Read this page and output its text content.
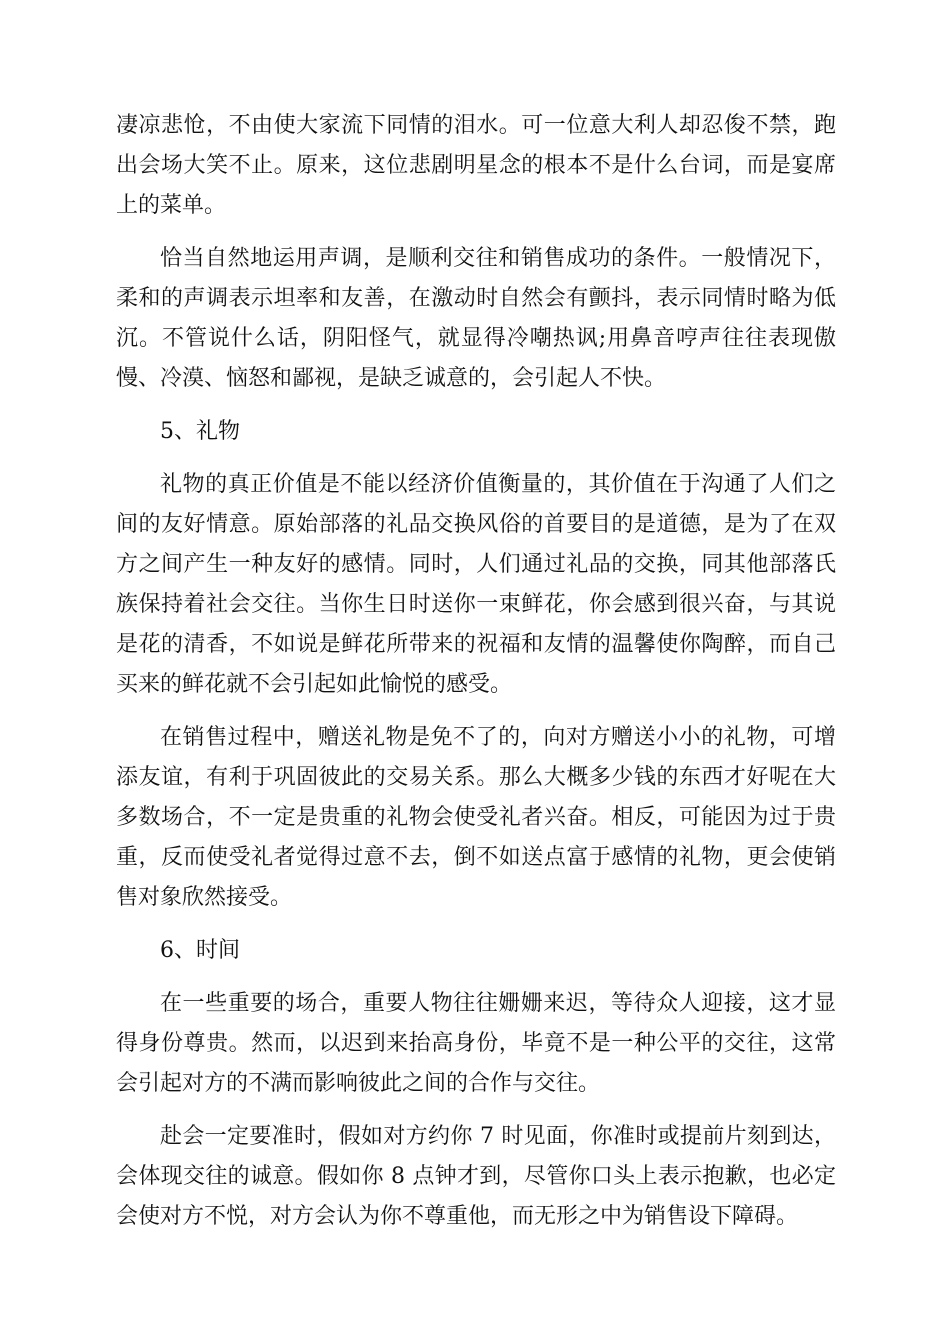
凄凉悲怆，不由使大家流下同情的泪水。可一位意大利人却忍俊不禁，跑出会场大笑不止。原来，这位悲剧明星念的根本不是什么台词，而是宴席上的菜单。

恰当自然地运用声调，是顺利交往和销售成功的条件。一般情况下，柔和的声调表示坦率和友善，在激动时自然会有颤抖，表示同情时略为低沉。不管说什么话，阴阳怪气，就显得冷嘲热讽;用鼻音哼声往往表现傲慢、冷漠、恼怒和鄙视，是缺乏诚意的，会引起人不快。

5、礼物

礼物的真正价值是不能以经济价值衡量的，其价值在于沟通了人们之间的友好情意。原始部落的礼品交换风俗的首要目的是道德，是为了在双方之间产生一种友好的感情。同时，人们通过礼品的交换，同其他部落氏族保持着社会交往。当你生日时送你一束鲜花，你会感到很兴奋，与其说是花的清香，不如说是鲜花所带来的祝福和友情的温馨使你陶醉，而自己买来的鲜花就不会引起如此愉悦的感受。

在销售过程中，赠送礼物是免不了的，向对方赠送小小的礼物，可增添友谊，有利于巩固彼此的交易关系。那么大概多少钱的东西才好呢在大多数场合，不一定是贵重的礼物会使受礼者兴奋。相反，可能因为过于贵重，反而使受礼者觉得过意不去，倒不如送点富于感情的礼物，更会使销售对象欣然接受。

6、时间

在一些重要的场合，重要人物往往姗姗来迟，等待众人迎接，这才显得身份尊贵。然而，以迟到来抬高身份，毕竟不是一种公平的交往，这常会引起对方的不满而影响彼此之间的合作与交往。

赴会一定要准时，假如对方约你 7 时见面，你准时或提前片刻到达，会体现交往的诚意。假如你 8 点钟才到，尽管你口头上表示抱歉，也必定会使对方不悦，对方会认为你不尊重他，而无形之中为销售设下障碍。
